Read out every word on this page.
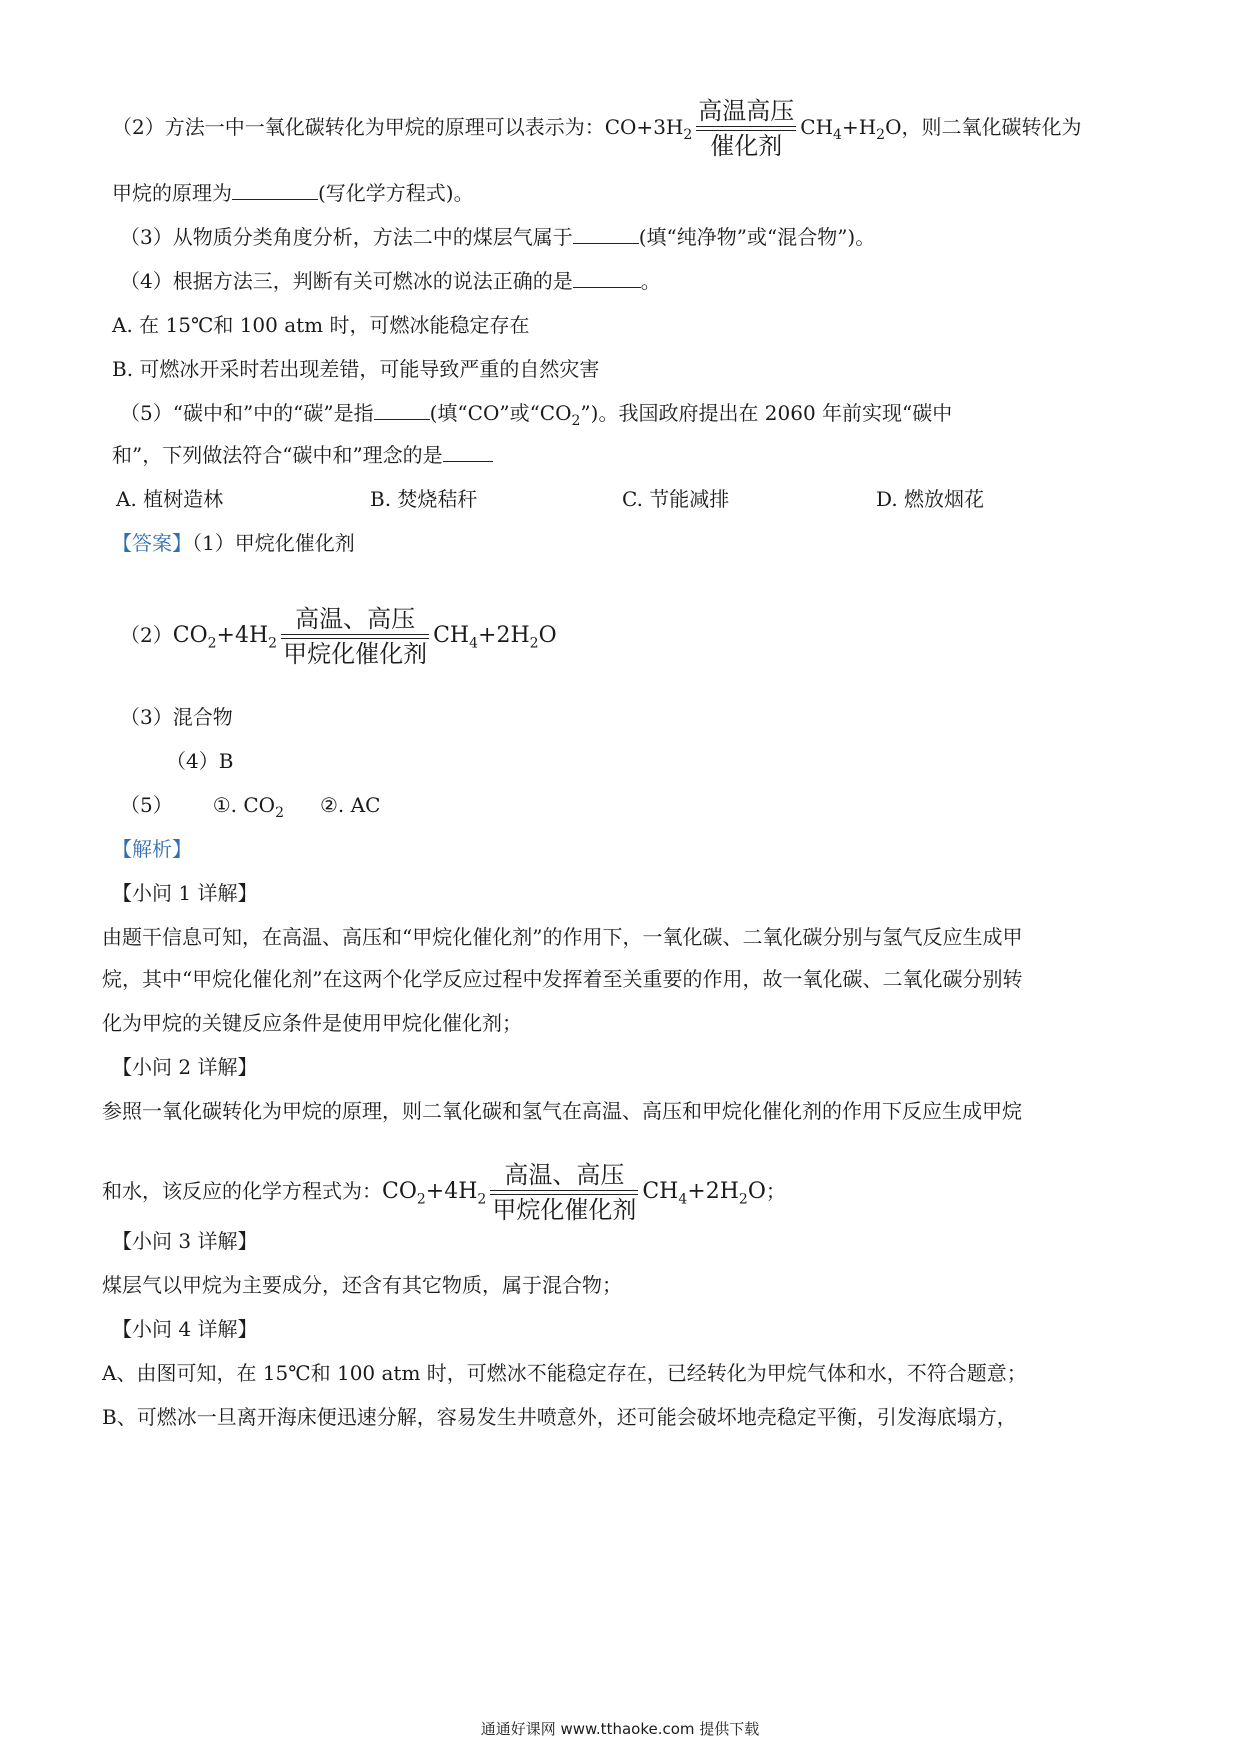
（2）方法一中一氧化碳转化为甲烷的原理可以表示为：$CO+3H_2$
高温高压
催化剂
$CH_4+H_2O$，则二氧化碳转化为
甲烷的原理为	(写化学方程式)。
（3）从物质分类角度分析，方法二中的煤层气属于	(填“纯净物”或“混合物”)。
（4）根据方法三，判断有关可燃冰的说法正确的是	。
A. 在 15℃和 100 atm 时，可燃冰能稳定存在
B. 可燃冰开采时若出现差错，可能导致严重的自然灾害
（5）“碳中和”中的“碳”是指	(填“CO”或“$CO_2$”)。我国政府提出在 2060 年前实现“碳中
和”，下列做法符合“碳中和”理念的是
A. 植树造林	B. 焚烧秸秆	C. 节能减排	D. 燃放烟花
【答案】（1）甲烷化催化剂
$(2)CO_2+4H_2$
高温、高压
甲烷化催化剂
$CH_4+2H_2O$
（3）混合物
（4）B
（5） ①. $CO_2$ ②. AC
【解析】
【小问 1 详解】
由题干信息可知，在高温、高压和“甲烷化催化剂”的作用下，一氧化碳、二氧化碳分别与氢气反应生成甲
烷，其中“甲烷化催化剂”在这两个化学反应过程中发挥着至关重要的作用，故一氧化碳、二氧化碳分别转
化为甲烷的关键反应条件是使用甲烷化催化剂；
【小问 2 详解】
参照一氧化碳转化为甲烷的原理，则二氧化碳和氢气在高温、高压和甲烷化催化剂的作用下反应生成甲烷
和水，该反应的化学方程式为：$CO_2+4H_2$
高温、高压
甲烷化催化剂
$CH_4+2H_2O$；
【小问 3 详解】
煤层气以甲烷为主要成分，还含有其它物质，属于混合物；
【小问 4 详解】
A、由图可知，在 15℃和 100 atm 时，可燃冰不能稳定存在，已经转化为甲烷气体和水，不符合题意；
B、可燃冰一旦离开海床便迅速分解，容易发生井喷意外，还可能会破坏地壳稳定平衡，引发海底塌方，
通通好课网 www.tthaoke.com 提供下载
